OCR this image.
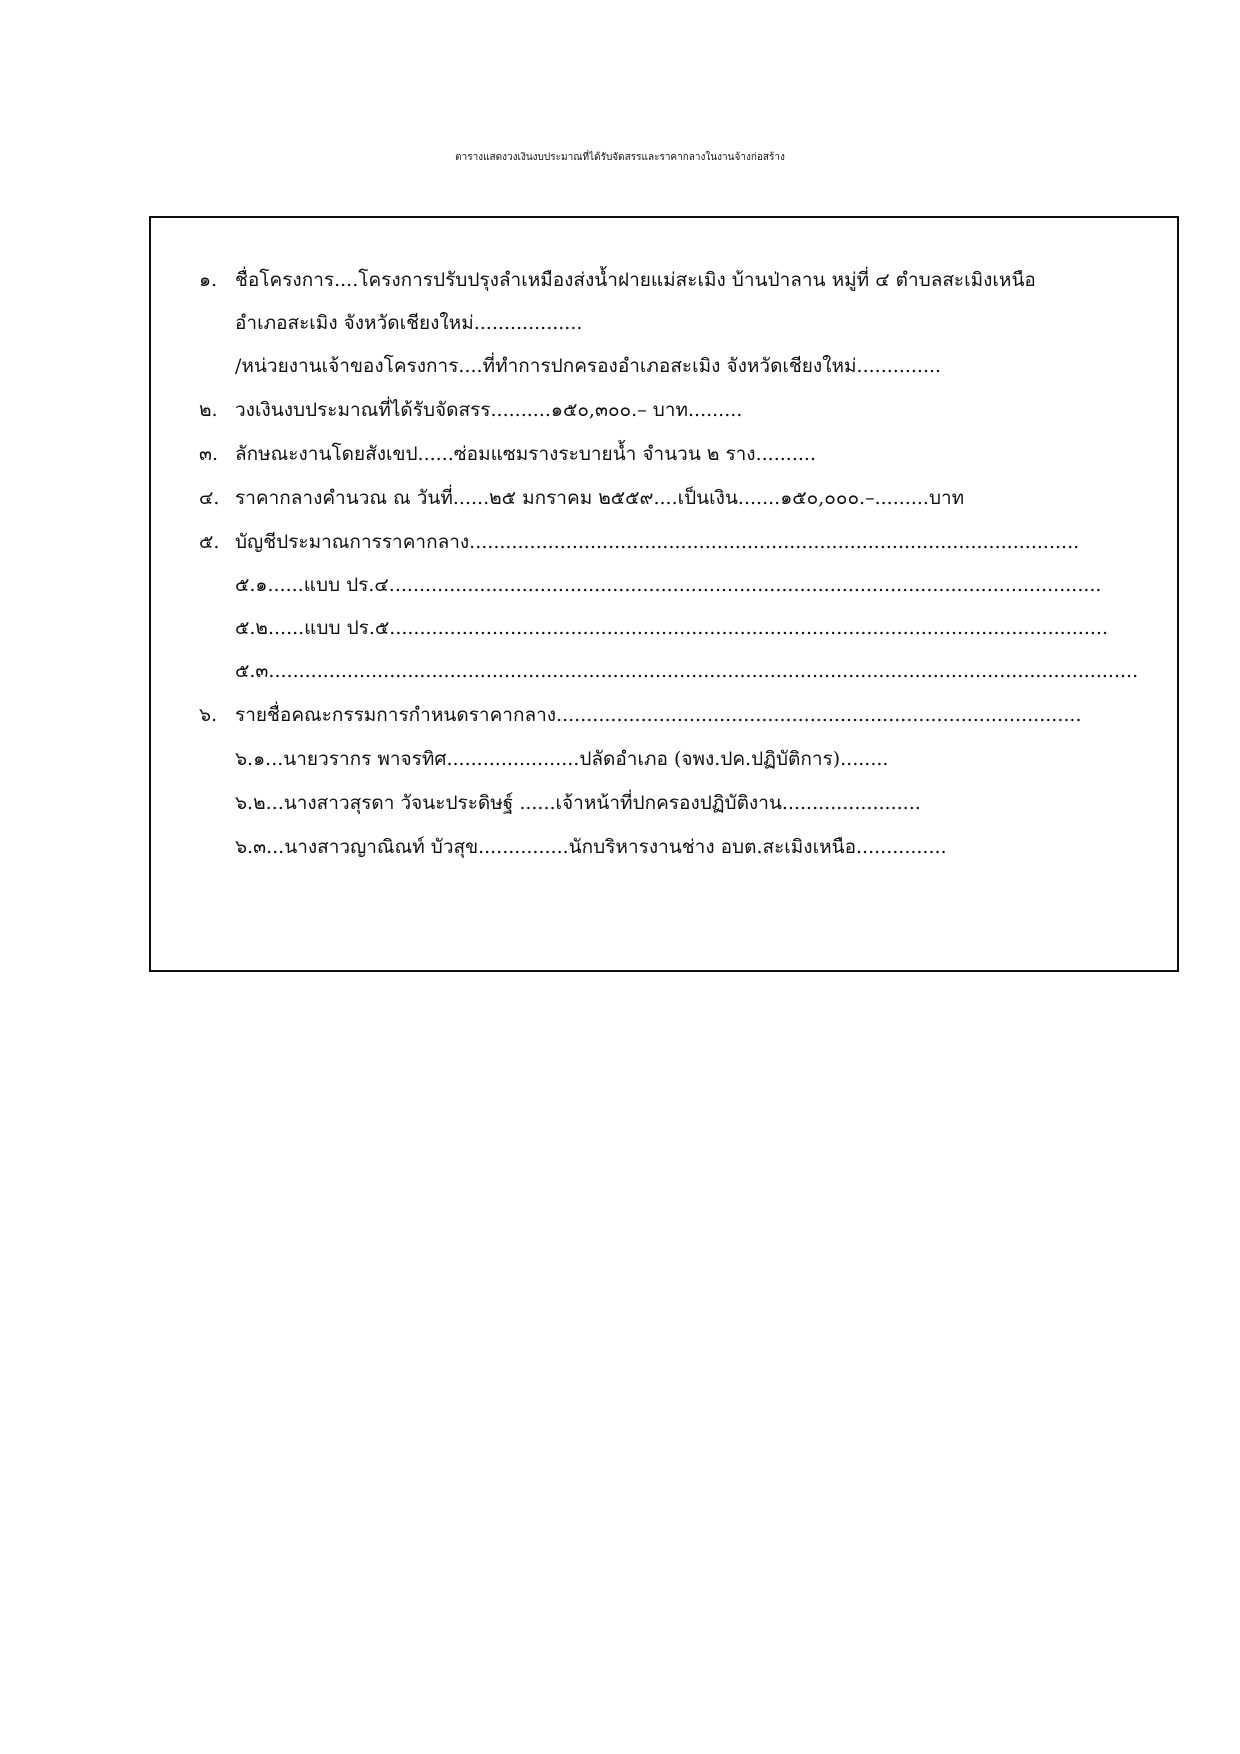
ตารางแสดงวงเงินงบประมาณที่ได้รับจัดสรรและราคากลางในงานจ้างก่อสร้าง
๑. ชื่อโครงการ....โครงการปรับปรุงลำเหมืองส่งน้ำฝายแม่สะเมิง บ้านป่าลาน หมู่ที่ ๔ ตำบลสะเมิงเหนือ
อำเภอสะเมิง จังหวัดเชียงใหม่..................
/หน่วยงานเจ้าของโครงการ....ที่ทำการปกครองอำเภอสะเมิง จังหวัดเชียงใหม่..............
๒. วงเงินงบประมาณที่ได้รับจัดสรร..........๑๕๐,๓๐๐.– บาท.........
๓. ลักษณะงานโดยสังเขป......ซ่อมแซมรางระบายน้ำ จำนวน ๒ ราง..........
๔. ราคากลางคำนวณ ณ วันที่......๒๕ มกราคม ๒๕๕๙....เป็นเงิน.......๑๕๐,๐๐๐.–.........บาท
๕. บัญชีประมาณการราคากลาง.....................................................................................................
๕.๑......แบบ ปร.๔......................................................................................................................
๕.๒......แบบ ปร.๕.......................................................................................................................
๕.๓................................................................................................................................................
๖. รายชื่อคณะกรรมการกำหนดราคากลาง.......................................................................................
๖.๑...นายวรากร พาจรทิศ......................ปลัดอำเภอ (จพง.ปค.ปฏิบัติการ)........
๖.๒...นางสาวสุรดา วัจนะประดิษฐ์ ......เจ้าหน้าที่ปกครองปฏิบัติงาน.......................
๖.๓...นางสาวญาณิณท์ บัวสุข...............นักบริหารงานช่าง อบต.สะเมิงเหนือ...............
